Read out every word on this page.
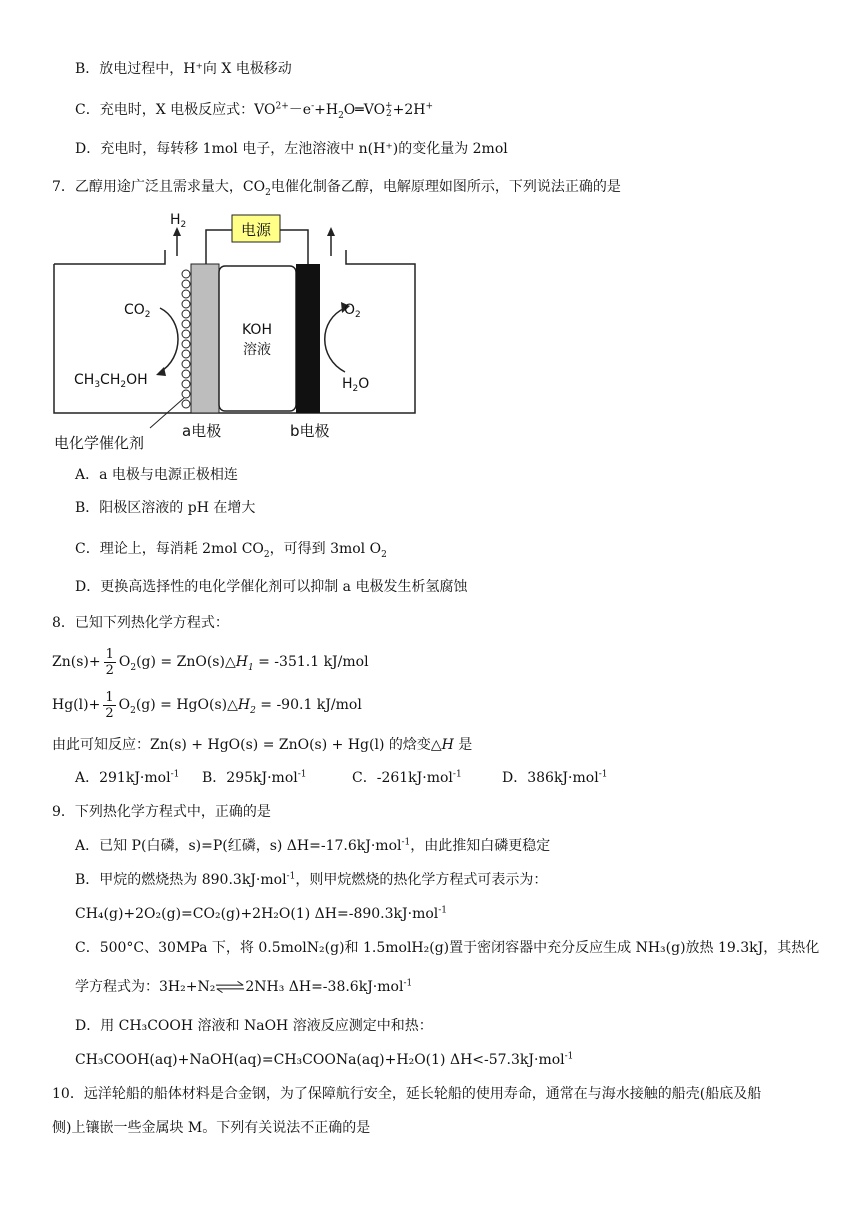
B．放电过程中，H⁺向 X 电极移动
C．充电时，X 电极反应式：$VO^{2+}-e^-+H_2O═VO$ +
2 +2H+
D．充电时，每转移 1mol 电子，左池溶液中 n(H⁺)的变化量为 2mol
7．乙醇用途广泛且需求量大，$CO_2$电催化制备乙醇，电解原理如图所示，下列说法正确的是
电源
$H_2$
$CO_2$
$CH_3CH_2OH$
KOH
溶液
$O_2$
$H_2O$
电化学催化剂
a电极	b电极
A．a 电极与电源正极相连
B．阳极区溶液的 pH 在增大
C．理论上，每消耗 2mol $CO_2$，可得到 3mol $O_2$
D．更换高选择性的电化学催化剂可以抑制 a 电极发生析氢腐蚀
8．已知下列热化学方程式：
$Zn(s)+ \frac{1}{2} O_2(g)$ = $ZnO(s)\triangle H_1 = -351.1$ kJ/mol
$Hg(l)+ \frac{1}{2} O_2(g)$ = $HgO(s)\triangle H_2 = -90.1$ kJ/mol
由此可知反应：Zn(s) + HgO(s) = ZnO(s) + Hg(l) 的焓变△H 是
A．291kJ·mol$^{-1}$ B．295kJ·mol$^{-1}$	C．-261kJ·mol$^{-1}$	D．386kJ·mol$^{-1}$
9．下列热化学方程式中，正确的是
A．已知 P(白磷，s)=P(红磷，s) ΔH=-17.6kJ·mol$^{-1}$，由此推知白磷更稳定
B．甲烷的燃烧热为 890.3kJ·mol$^{-1}$，则甲烷燃烧的热化学方程式可表示为：
CH₄(g)+2O₂(g)=CO₂(g)+2H₂O(1) ΔH=-890.3kJ·mol$^{-1}$
C．500°C、30MPa 下，将 0.5molN₂(g)和 1.5molH₂(g)置于密闭容器中充分反应生成 NH₃(g)放热 19.3kJ，其热化
学方程式为：3H₂+N₂⇌2NH₃ ΔH=-38.6kJ·mol$^{-1}$
D．用 CH₃COOH 溶液和 NaOH 溶液反应测定中和热：
CH₃COOH(aq)+NaOH(aq)=CH₃COONa(aq)+H₂O(1) ΔH<-57.3kJ·mol$^{-1}$
10．远洋轮船的船体材料是合金钢，为了保障航行安全，延长轮船的使用寿命，通常在与海水接触的船壳(船底及船
侧)上镶嵌一些金属块 M。下列有关说法不正确的是
